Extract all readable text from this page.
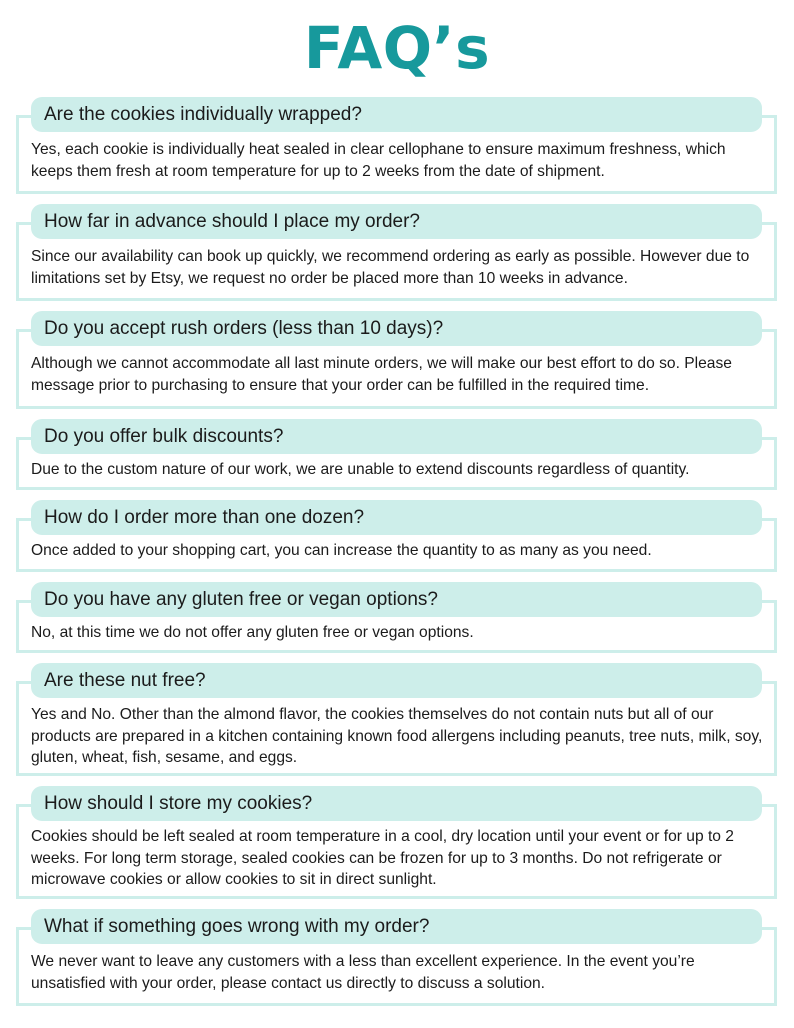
FAQ’s
Are the cookies individually wrapped?
Yes, each cookie is individually heat sealed in clear cellophane to ensure maximum freshness, which keeps them fresh at room temperature for up to 2 weeks from the date of shipment.
How far in advance should I place my order?
Since our availability can book up quickly, we recommend ordering as early as possible. However due to limitations set by Etsy, we request no order be placed more than 10 weeks in advance.
Do you accept rush orders (less than 10 days)?
Although we cannot accommodate all last minute orders, we will make our best effort to do so. Please message prior to purchasing to ensure that your order can be fulfilled in the required time.
Do you offer bulk discounts?
Due to the custom nature of our work, we are unable to extend discounts regardless of quantity.
How do I order more than one dozen?
Once added to your shopping cart, you can increase the quantity to as many as you need.
Do you have any gluten free or vegan options?
No, at this time we do not offer any gluten free or vegan options.
Are these nut free?
Yes and No. Other than the almond flavor, the cookies themselves do not contain nuts but all of our products are prepared in a kitchen containing known food allergens including peanuts, tree nuts, milk, soy, gluten, wheat, fish, sesame, and eggs.
How should I store my cookies?
Cookies should be left sealed at room temperature in a cool, dry location until your event or for up to 2 weeks. For long term storage, sealed cookies can be frozen for up to 3 months. Do not refrigerate or microwave cookies or allow cookies to sit in direct sunlight.
What if something goes wrong with my order?
We never want to leave any customers with a less than excellent experience. In the event you’re unsatisfied with your order, please contact us directly to discuss a solution.
